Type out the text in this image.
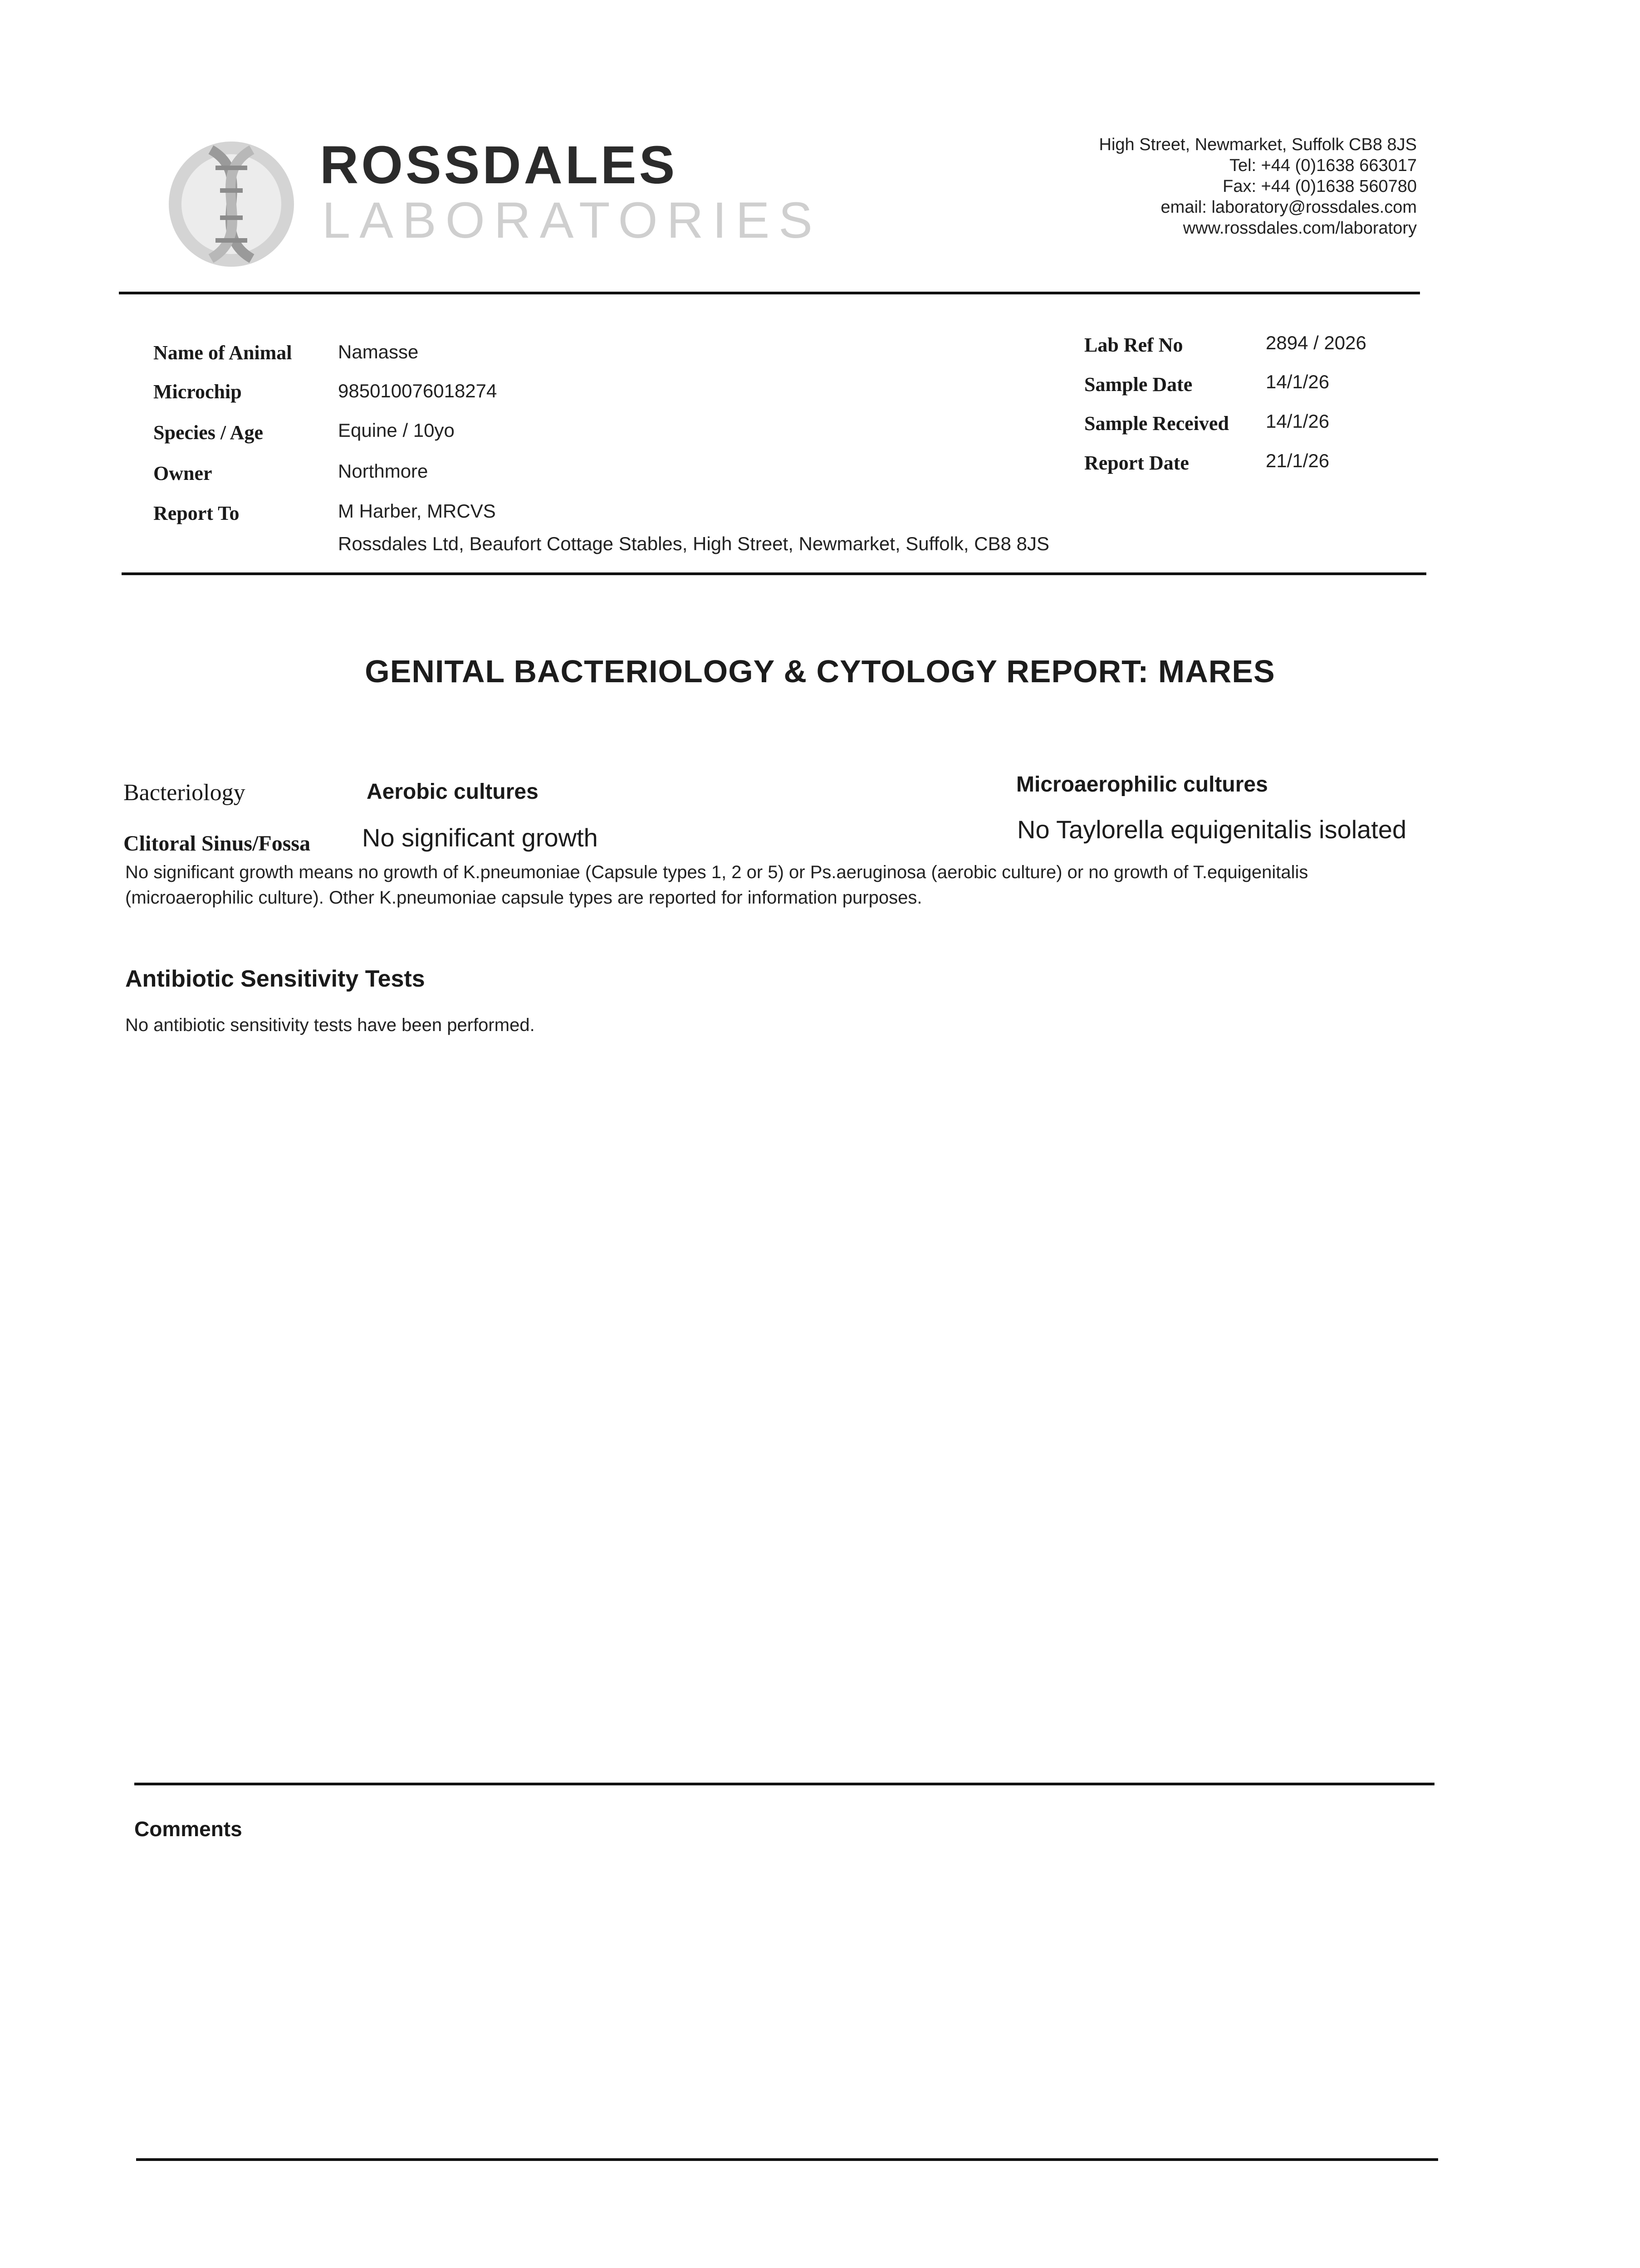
ROSSDALES
LABORATORIES
High Street, Newmarket, Suffolk CB8 8JS
Tel: +44 (0)1638 663017
Fax: +44 (0)1638 560780
email: laboratory@rossdales.com
www.rossdales.com/laboratory
Name of Animal Namasse
Microchip	985010076018274
Species / Age	Equine / 10yo
Owner	Northmore
Report To	M Harber, MRCVS
Rossdales Ltd, Beaufort Cottage Stables, High Street, Newmarket, Suffolk, CB8 8JS
Lab Ref No	2894 / 2026
Sample Date	14/1/26
Sample Received 14/1/26
Report Date	21/1/26
GENITAL BACTERIOLOGY & CYTOLOGY REPORT: MARES
Bacteriology	Aerobic cultures	Microaerophilic cultures
Clitoral Sinus/Fossa No significant growth	No Taylorella equigenitalis isolated
No significant growth means no growth of K.pneumoniae (Capsule types 1, 2 or 5) or Ps.aeruginosa (aerobic culture) or no growth of T.equigenitalis
(microaerophilic culture). Other K.pneumoniae capsule types are reported for information purposes.
Antibiotic Sensitivity Tests
No antibiotic sensitivity tests have been performed.
Comments
